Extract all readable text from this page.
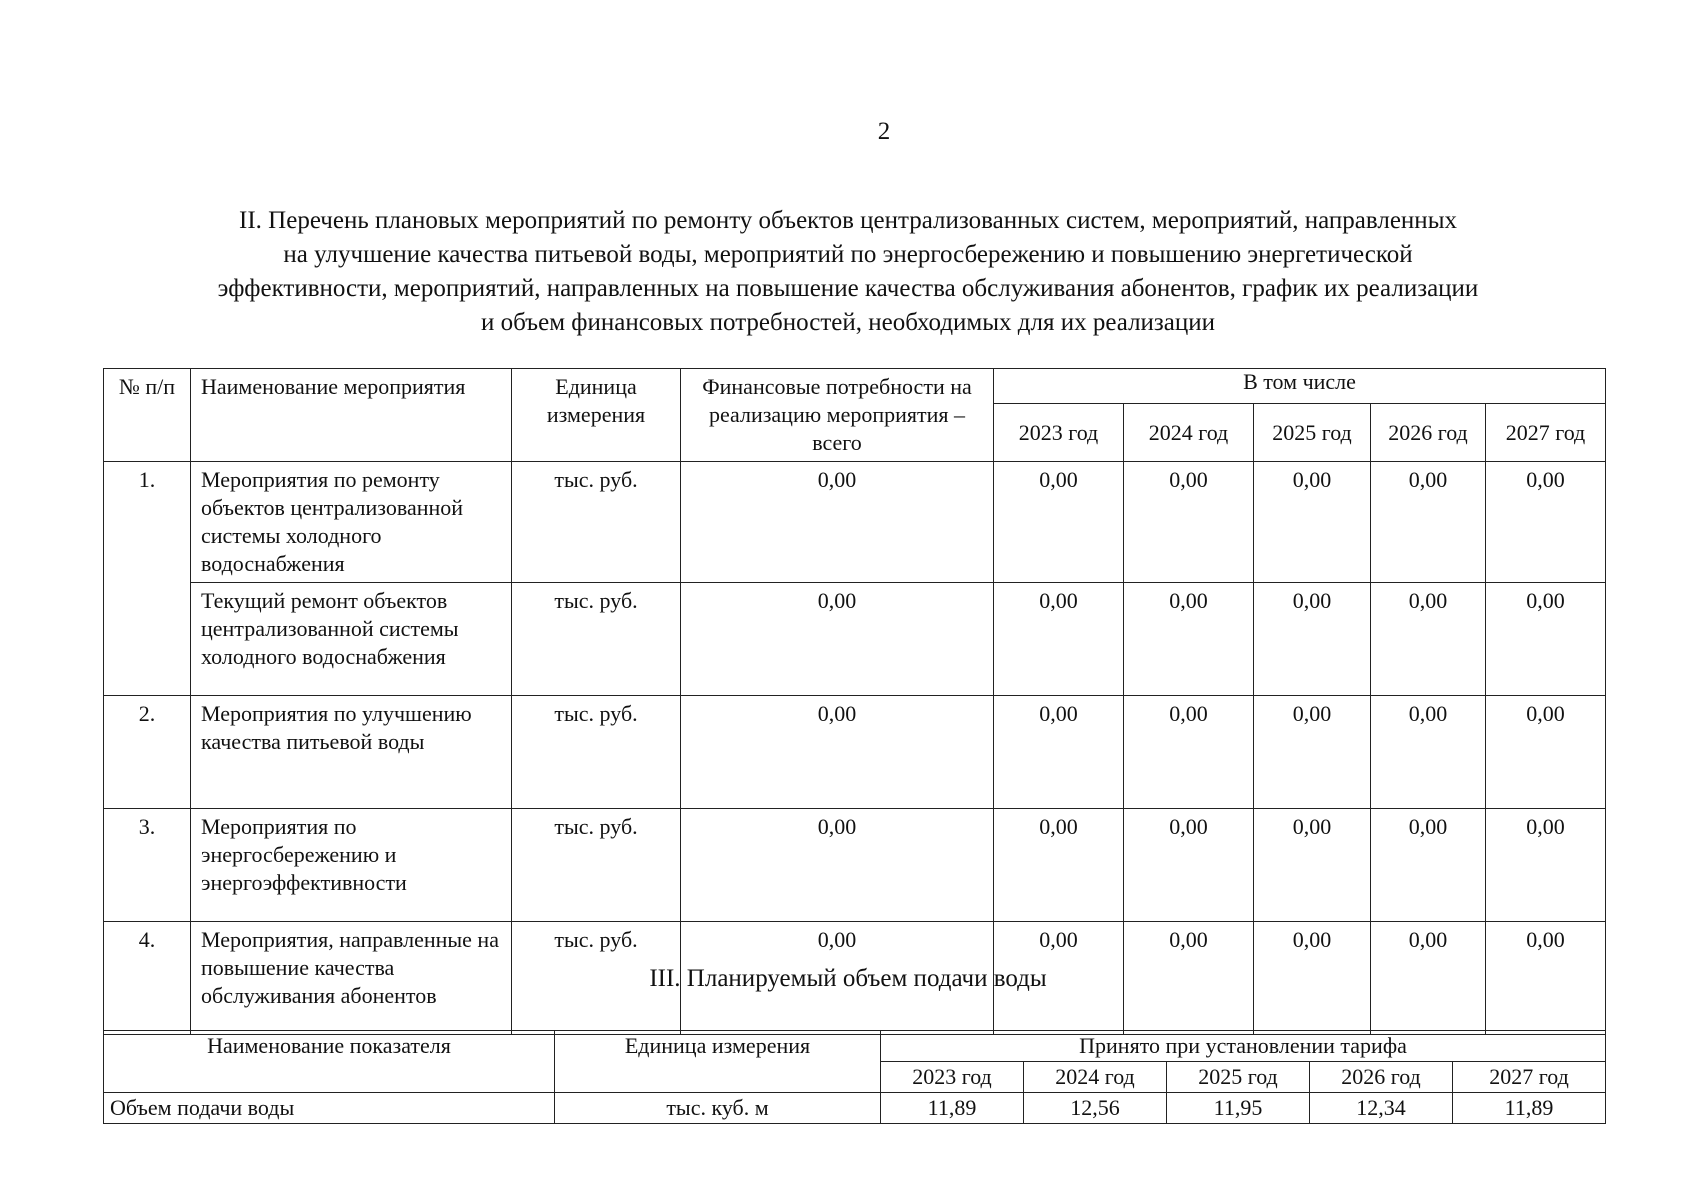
2
II. Перечень плановых мероприятий по ремонту объектов централизованных систем, мероприятий, направленных
на улучшение качества питьевой воды, мероприятий по энергосбережению и повышению энергетической
эффективности, мероприятий, направленных на повышение качества обслуживания абонентов, график их реализации
и объем финансовых потребностей, необходимых для их реализации
№ п/п	Наименование мероприятия	Единица измерения	Финансовые потребности на реализацию мероприятия – всего	В том числе				
				2023 год	2024 год	2025 год	2026 год	2027 год
1.	Мероприятия по ремонту объектов централизованной системы холодного водоснабжения	тыс. руб.	0,00	0,00	0,00	0,00	0,00	0,00
	Текущий ремонт объектов централизованной системы холодного водоснабжения	тыс. руб.	0,00	0,00	0,00	0,00	0,00	0,00
2.	Мероприятия по улучшению качества питьевой воды	тыс. руб.	0,00	0,00	0,00	0,00	0,00	0,00
3.	Мероприятия по энергосбережению и энергоэффективности	тыс. руб.	0,00	0,00	0,00	0,00	0,00	0,00
4.	Мероприятия, направленные на повышение качества обслуживания абонентов	тыс. руб.	0,00	0,00	0,00	0,00	0,00	0,00
III. Планируемый объем подачи воды
Наименование показателя	Единица измерения	Принято при установлении тарифа				
		2023 год	2024 год	2025 год	2026 год	2027 год
Объем подачи воды	тыс. куб. м	11,89	12,56	11,95	12,34	11,89
